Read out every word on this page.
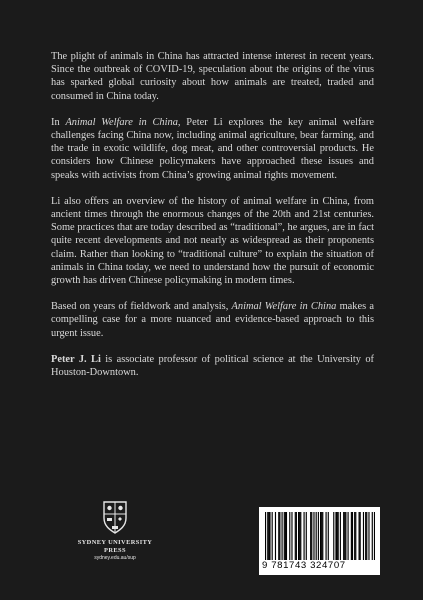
The plight of animals in China has attracted intense interest in recent years. Since the outbreak of COVID-19, speculation about the origins of the virus has sparked global curiosity about how animals are treated, traded and consumed in China today.

In Animal Welfare in China, Peter Li explores the key animal welfare challenges facing China now, including animal agriculture, bear farming, and the trade in exotic wildlife, dog meat, and other controversial products. He considers how Chinese policymakers have approached these issues and speaks with activists from China’s growing animal rights movement.

Li also offers an overview of the history of animal welfare in China, from ancient times through the enormous changes of the 20th and 21st centuries. Some practices that are today described as “traditional”, he argues, are in fact quite recent developments and not nearly as widespread as their proponents claim. Rather than looking to “traditional culture” to explain the situation of animals in China today, we need to understand how the pursuit of economic growth has driven Chinese policymaking in modern times.

Based on years of fieldwork and analysis, Animal Welfare in China makes a compelling case for a more nuanced and evidence-based approach to this urgent issue.

Peter J. Li is associate professor of political science at the University of Houston-Downtown.

SYDNEY UNIVERSITY PRESS
sydney.edu.au/sup
9 781743 324707
